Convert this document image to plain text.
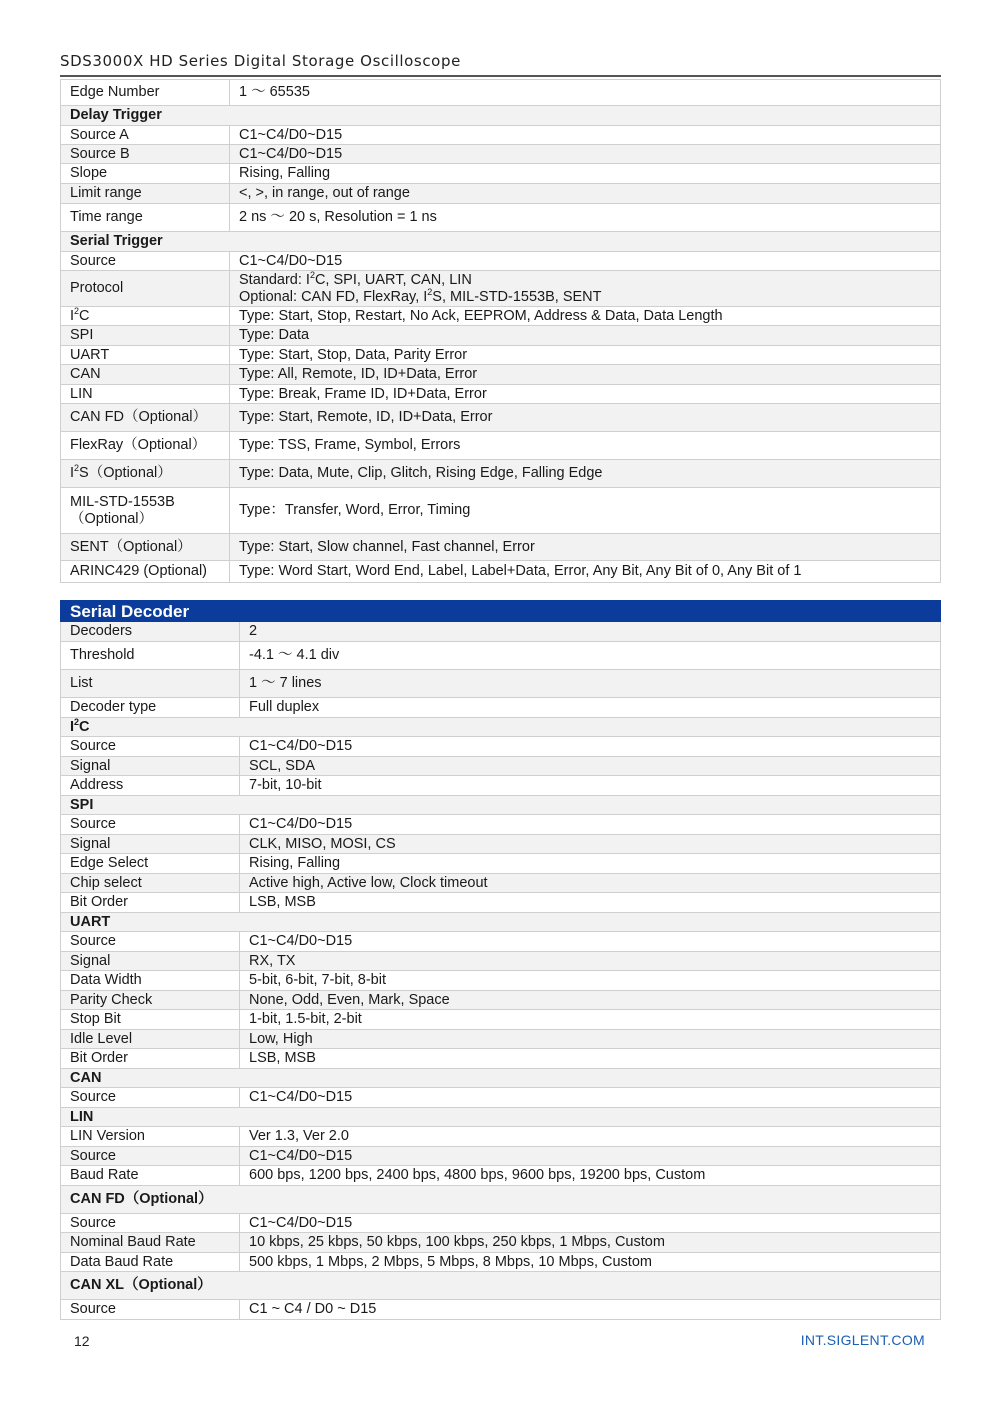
SDS3000X HD Series Digital Storage Oscilloscope
Edge Number	1 ～ 65535
Delay Trigger	
Source A	C1~C4/D0~D15
Source B	C1~C4/D0~D15
Slope	Rising, Falling
Limit range	<, >, in range, out of range
Time range	2 ns ～ 20 s, Resolution = 1 ns
Serial Trigger	
Source	C1~C4/D0~D15
Protocol	Standard: $I^2C$, SPI, UART, CAN, LIN
Optional: CAN FD, FlexRay, $I^2S$, MIL-STD-1553B, SENT
$I^2C$	Type: Start, Stop, Restart, No Ack, EEPROM, Address & Data, Data Length
SPI	Type: Data
UART	Type: Start, Stop, Data, Parity Error
CAN	Type: All, Remote, ID, ID+Data, Error
LIN	Type: Break, Frame ID, ID+Data, Error
CAN FD（Optional）	Type: Start, Remote, ID, ID+Data, Error
FlexRay（Optional）	Type: TSS, Frame, Symbol, Errors
$I^2S(Optional)$	Type: Data, Mute, Clip, Glitch, Rising Edge, Falling Edge
MIL-STD-1553B
（Optional）	Type：Transfer, Word, Error, Timing
SENT（Optional）	Type: Start, Slow channel, Fast channel, Error
ARINC429 (Optional)	Type: Word Start, Word End, Label, Label+Data, Error, Any Bit, Any Bit of 0, Any Bit of 1
Serial Decoder	
Decoders	2
Threshold	-4.1 ～ 4.1 div
List	1 ～ 7 lines
Decoder type	Full duplex
$I^2C$	
Source	C1~C4/D0~D15
Signal	SCL, SDA
Address	7-bit, 10-bit
SPI	
Source	C1~C4/D0~D15
Signal	CLK, MISO, MOSI, CS
Edge Select	Rising, Falling
Chip select	Active high, Active low, Clock timeout
Bit Order	LSB, MSB
UART	
Source	C1~C4/D0~D15
Signal	RX, TX
Data Width	5-bit, 6-bit, 7-bit, 8-bit
Parity Check	None, Odd, Even, Mark, Space
Stop Bit	1-bit, 1.5-bit, 2-bit
Idle Level	Low, High
Bit Order	LSB, MSB
CAN	
Source	C1~C4/D0~D15
LIN	
LIN Version	Ver 1.3, Ver 2.0
Source	C1~C4/D0~D15
Baud Rate	600 bps, 1200 bps, 2400 bps, 4800 bps, 9600 bps, 19200 bps, Custom
CAN FD（Optional）	
Source	C1~C4/D0~D15
Nominal Baud Rate	10 kbps, 25 kbps, 50 kbps, 100 kbps, 250 kbps, 1 Mbps, Custom
Data Baud Rate	500 kbps, 1 Mbps, 2 Mbps, 5 Mbps, 8 Mbps, 10 Mbps, Custom
CAN XL（Optional）	
Source	C1 ~ C4 / D0 ~ D15
12	INT.SIGLENT.COM
